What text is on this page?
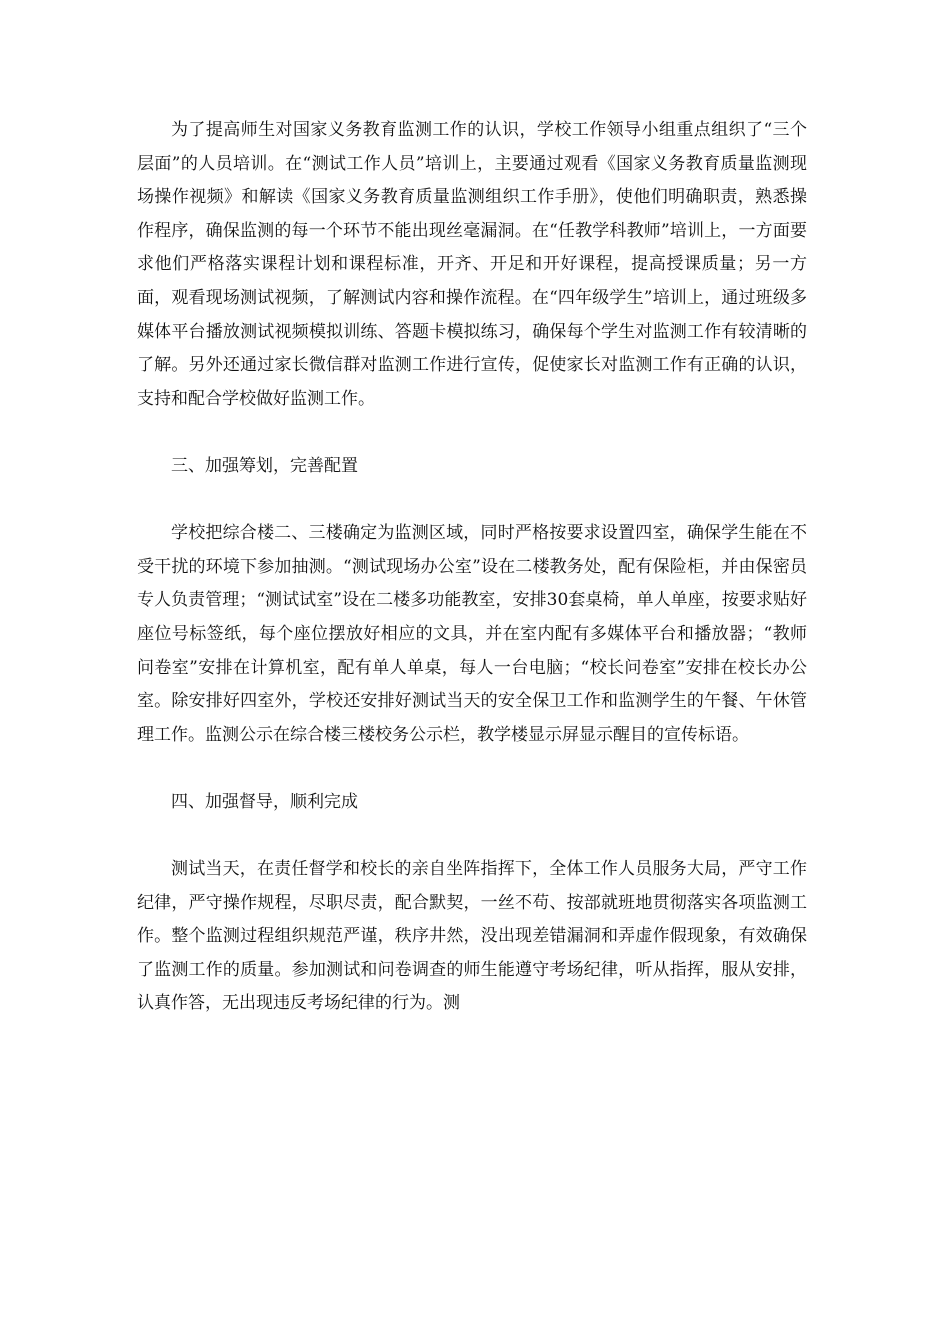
为了提高师生对国家义务教育监测工作的认识，学校工作领导小组重点组织了“三个层面”的人员培训。在“测试工作人员”培训上，主要通过观看《国家义务教育质量监测现场操作视频》和解读《国家义务教育质量监测组织工作手册》，使他们明确职责，熟悉操作程序，确保监测的每一个环节不能出现丝毫漏洞。在“任教学科教师”培训上，一方面要求他们严格落实课程计划和课程标准，开齐、开足和开好课程，提高授课质量；另一方面，观看现场测试视频，了解测试内容和操作流程。在“四年级学生”培训上，通过班级多媒体平台播放测试视频模拟训练、答题卡模拟练习，确保每个学生对监测工作有较清晰的了解。另外还通过家长微信群对监测工作进行宣传，促使家长对监测工作有正确的认识，支持和配合学校做好监测工作。

三、加强筹划，完善配置

学校把综合楼二、三楼确定为监测区域，同时严格按要求设置四室，确保学生能在不受干扰的环境下参加抽测。“测试现场办公室”设在二楼教务处，配有保险柜，并由保密员专人负责管理；“测试试室”设在二楼多功能教室，安排30套桌椅，单人单座，按要求贴好座位号标签纸，每个座位摆放好相应的文具，并在室内配有多媒体平台和播放器；“教师问卷室”安排在计算机室，配有单人单桌，每人一台电脑；“校长问卷室”安排在校长办公室。除安排好四室外，学校还安排好测试当天的安全保卫工作和监测学生的午餐、午休管理工作。监测公示在综合楼三楼校务公示栏，教学楼显示屏显示醒目的宣传标语。

四、加强督导，顺利完成

测试当天，在责任督学和校长的亲自坐阵指挥下，全体工作人员服务大局，严守工作纪律，严守操作规程，尽职尽责，配合默契，一丝不苟、按部就班地贯彻落实各项监测工作。整个监测过程组织规范严谨，秩序井然，没出现差错漏洞和弄虚作假现象，有效确保了监测工作的质量。参加测试和问卷调查的师生能遵守考场纪律，听从指挥，服从安排，认真作答，无出现违反考场纪律的行为。测
